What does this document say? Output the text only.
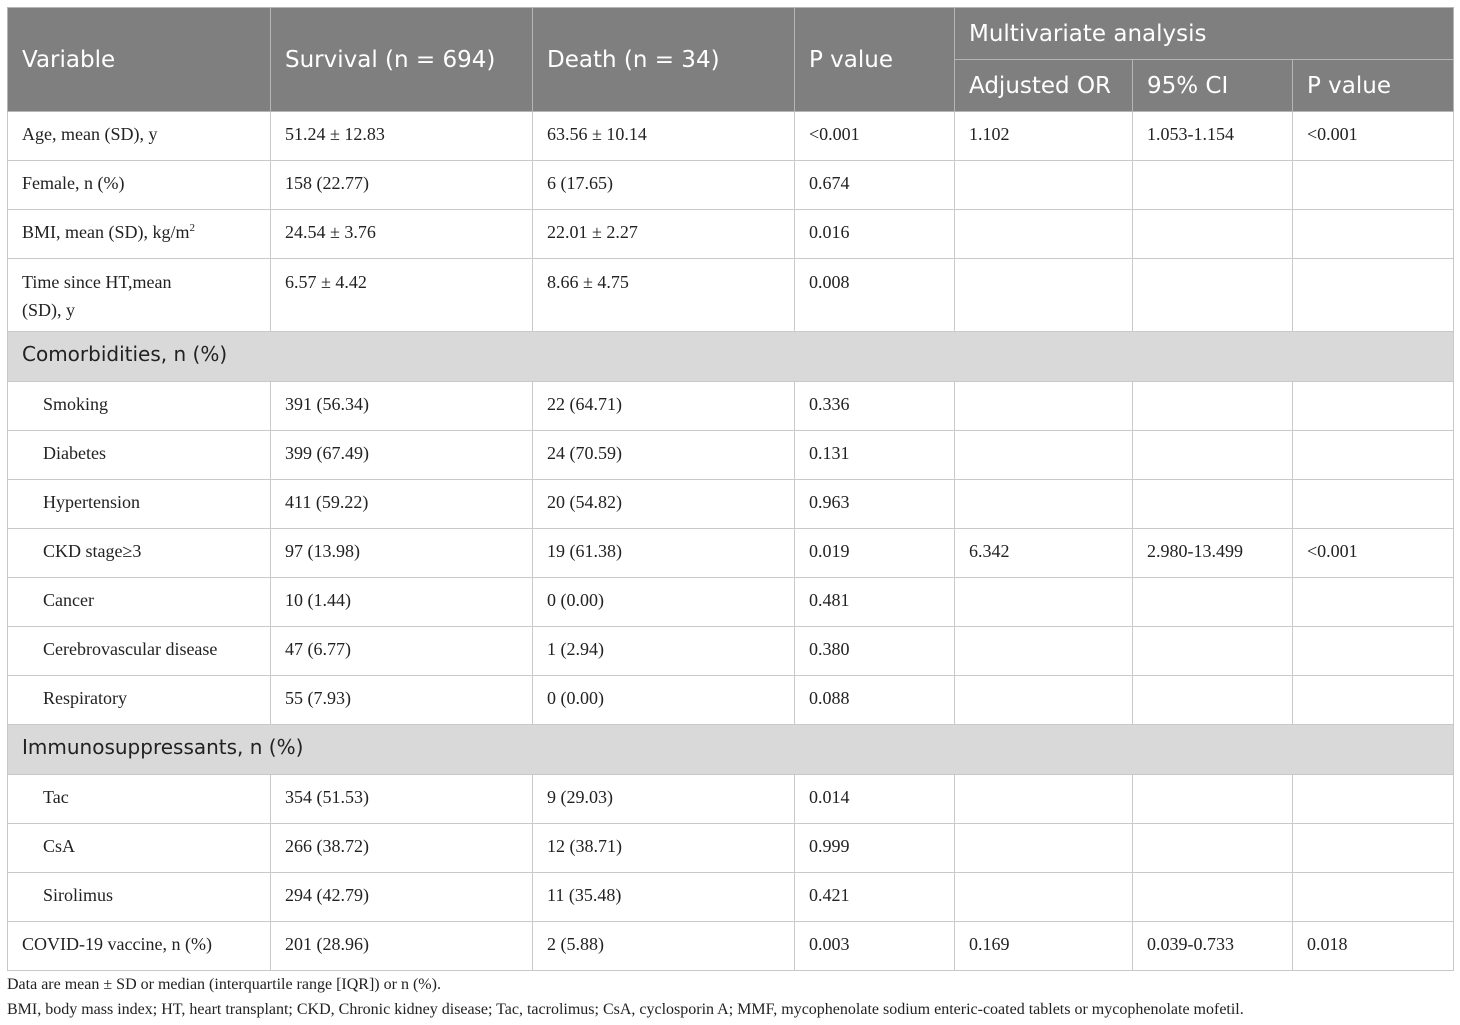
Variable	Survival (n = 694)	Death (n = 34)	P value	Multivariate analysis		
				Adjusted OR	95% CI	P value
Age, mean (SD), y	51.24 ± 12.83	63.56 ± 10.14	<0.001	1.102	1.053-1.154	<0.001
Female, n (%)	158 (22.77)	6 (17.65)	0.674			
BMI, mean (SD), $kg/m^2$	24.54 ± 3.76	22.01 ± 2.27	0.016			
Time since HT,mean
(SD), y	6.57 ± 4.42	8.66 ± 4.75	0.008			
Comorbidities, n (%)						
Smoking	391 (56.34)	22 (64.71)	0.336			
Diabetes	399 (67.49)	24 (70.59)	0.131			
Hypertension	411 (59.22)	20 (54.82)	0.963			
CKD stage≥3	97 (13.98)	19 (61.38)	0.019	6.342	2.980-13.499	<0.001
Cancer	10 (1.44)	0 (0.00)	0.481			
Cerebrovascular disease	47 (6.77)	1 (2.94)	0.380			
Respiratory	55 (7.93)	0 (0.00)	0.088			
Immunosuppressants, n (%)						
Tac	354 (51.53)	9 (29.03)	0.014			
CsA	266 (38.72)	12 (38.71)	0.999			
Sirolimus	294 (42.79)	11 (35.48)	0.421			
COVID-19 vaccine, n (%)	201 (28.96)	2 (5.88)	0.003	0.169	0.039-0.733	0.018
Data are mean ± SD or median (interquartile range [IQR]) or n (%).
BMI, body mass index; HT, heart transplant; CKD, Chronic kidney disease; Tac, tacrolimus; CsA, cyclosporin A; MMF, mycophenolate sodium enteric-coated tablets or mycophenolate mofetil.
